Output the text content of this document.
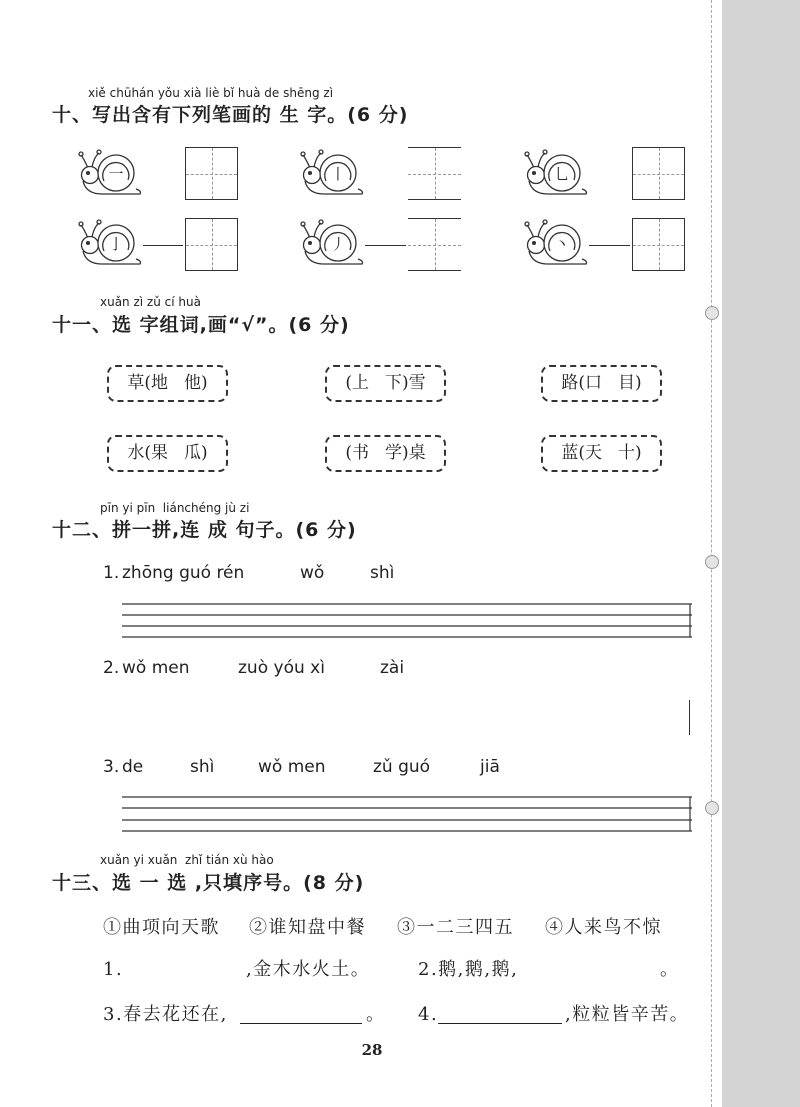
xiě chūhán yǒu xià liè bǐ huà de shēng zì
十、写出含有下列笔画的 生 字。(6 分)
一	丨	乚
亅	丿	丶
xuǎn zì zǔ cí huà
十一、选 字组词,画“√”。(6 分)
草(地 他)	(上 下)雪	路(口 目)
水(果 瓜)	(书 学)桌	蓝(天 十)
pīn yi pīn  liánchéng jù zi
十二、拼一拼,连 成 句子。(6 分)
1. zhōng guó rén	wǒ	shì
2. wǒ men	zuò yóu xì	zài
3. de	shì	wǒ men	zǔ guó	jiā
xuǎn yi xuǎn  zhǐ tián xù hào
十三、选 一 选 ,只填序号。(8 分)
①曲项向天歌 ②谁知盘中餐 ③一二三四五 ④人来鸟不惊
1.	,金木水火土。	2.鹅,鹅,鹅,	。
3.春去花还在,	。 4.	,粒粒皆辛苦。
28
